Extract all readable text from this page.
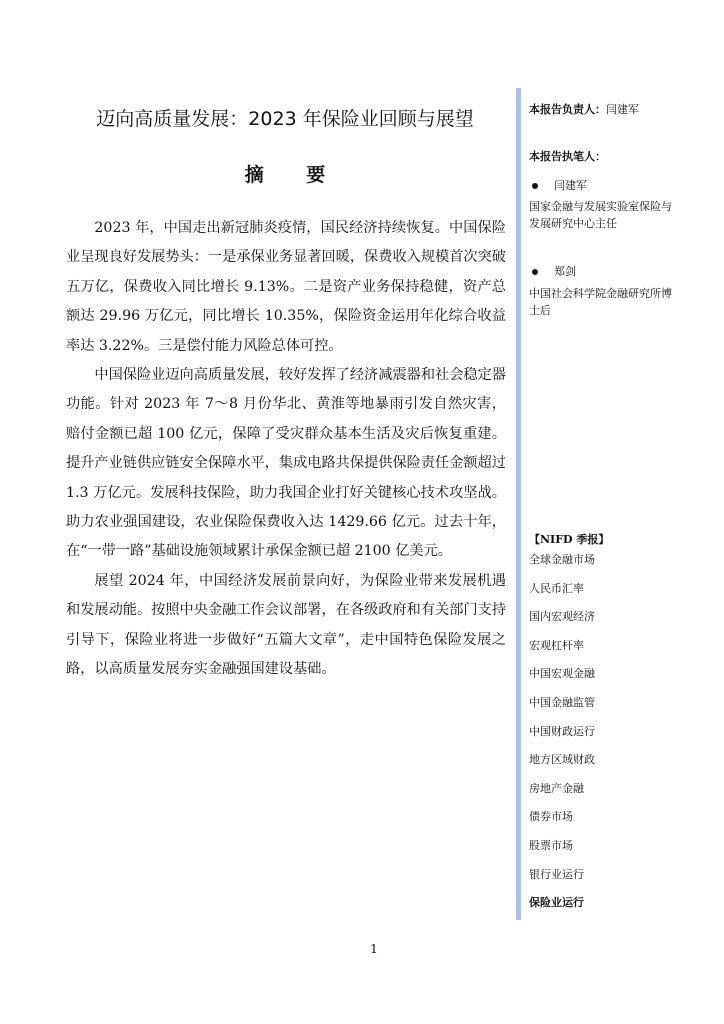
迈向高质量发展：2023 年保险业回顾与展望
摘 要

2023 年，中国走出新冠肺炎疫情，国民经济持续恢复。中国保险业呈现良好发展势头：一是承保业务显著回暖，保费收入规模首次突破五万亿，保费收入同比增长 9.13%。二是资产业务保持稳健，资产总额达 29.96 万亿元，同比增长 10.35%，保险资金运用年化综合收益率达 3.22%。三是偿付能力风险总体可控。

中国保险业迈向高质量发展，较好发挥了经济减震器和社会稳定器功能。针对 2023 年 7～8 月份华北、黄淮等地暴雨引发自然灾害，赔付金额已超 100 亿元，保障了受灾群众基本生活及灾后恢复重建。提升产业链供应链安全保障水平，集成电路共保提供保险责任金额超过 1.3 万亿元。发展科技保险，助力我国企业打好关键核心技术攻坚战。助力农业强国建设，农业保险保费收入达 1429.66 亿元。过去十年，在“一带一路”基础设施领域累计承保金额已超 2100 亿美元。

展望 2024 年，中国经济发展前景向好，为保险业带来发展机遇和发展动能。按照中央金融工作会议部署，在各级政府和有关部门支持引导下，保险业将进一步做好“五篇大文章”，走中国特色保险发展之路，以高质量发展夯实金融强国建设基础。

本报告负责人：闫建军
本报告执笔人：
闫建军
国家金融与发展实验室保险与发展研究中心主任
郑剑
中国社会科学院金融研究所博士后
【NIFD 季报】
全球金融市场
人民币汇率
国内宏观经济
宏观杠杆率
中国宏观金融
中国金融监管
中国财政运行
地方区域财政
房地产金融
债券市场
股票市场
银行业运行
保险业运行
1
